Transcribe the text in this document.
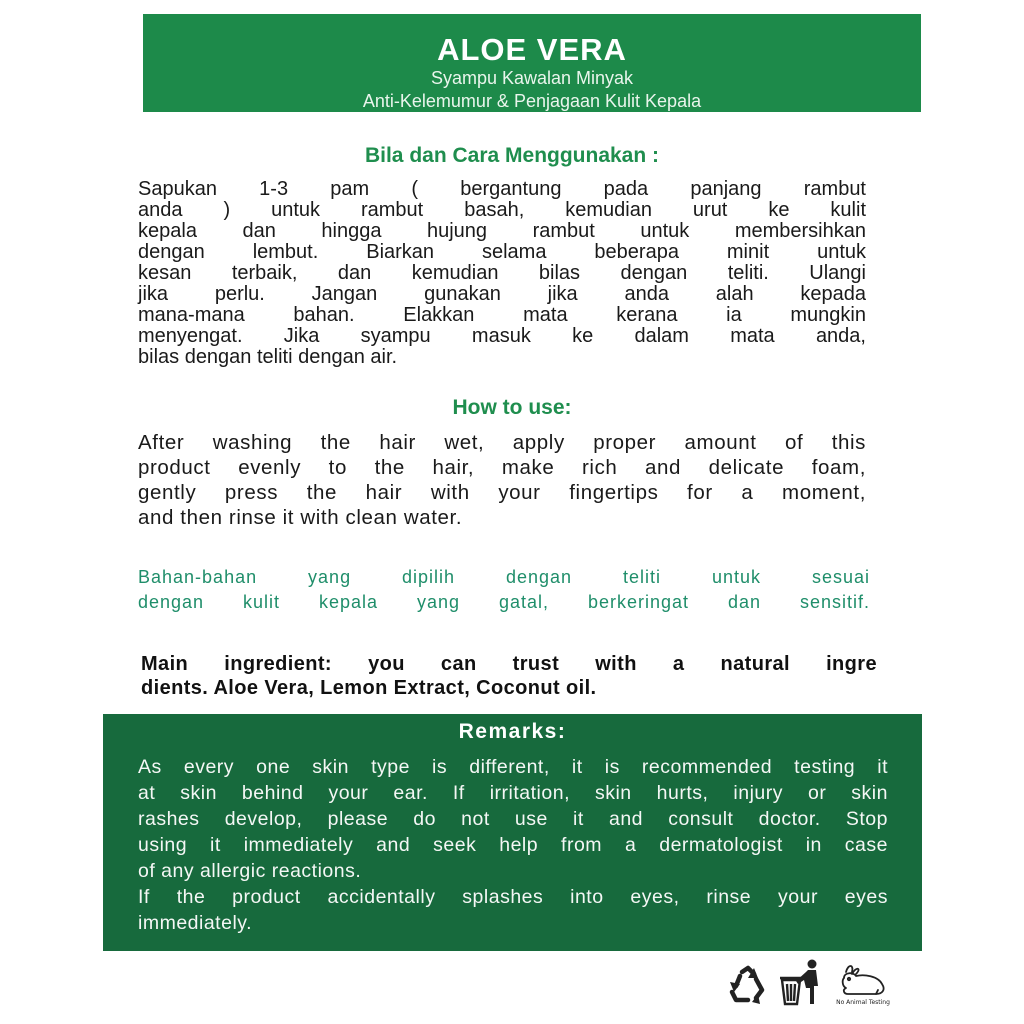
ALOE VERA
Syampu Kawalan Minyak
Anti-Kelemumur & Penjagaan Kulit Kepala
Bila dan Cara Menggunakan :
Sapukan 1-3 pam ( bergantung pada panjang rambut
anda ) untuk rambut basah, kemudian urut ke kulit
kepala dan hingga hujung rambut untuk membersihkan
dengan lembut. Biarkan selama beberapa minit untuk
kesan terbaik, dan kemudian bilas dengan teliti. Ulangi
jika perlu. Jangan gunakan jika anda alah kepada
mana-mana bahan. Elakkan mata kerana ia mungkin
menyengat. Jika syampu masuk ke dalam mata anda,
bilas dengan teliti dengan air.
How to use:
After washing the hair wet, apply proper amount of this
product evenly to the hair, make rich and delicate foam,
gently press the hair with your fingertips for a moment,
and then rinse it with clean water.
Bahan-bahan yang dipilih dengan teliti untuk sesuai
dengan kulit kepala yang gatal, berkeringat dan sensitif.
Main ingredient: you can trust with a natural ingre
dients. Aloe Vera, Lemon Extract, Coconut oil.
Remarks:
As every one skin type is different, it is recommended testing it
at skin behind your ear. If irritation, skin hurts, injury or skin
rashes develop, please do not use it and consult doctor. Stop
using it immediately and seek help from a dermatologist in case
of any allergic reactions.
If the product accidentally splashes into eyes, rinse your eyes
immediately.
No Animal Testing
